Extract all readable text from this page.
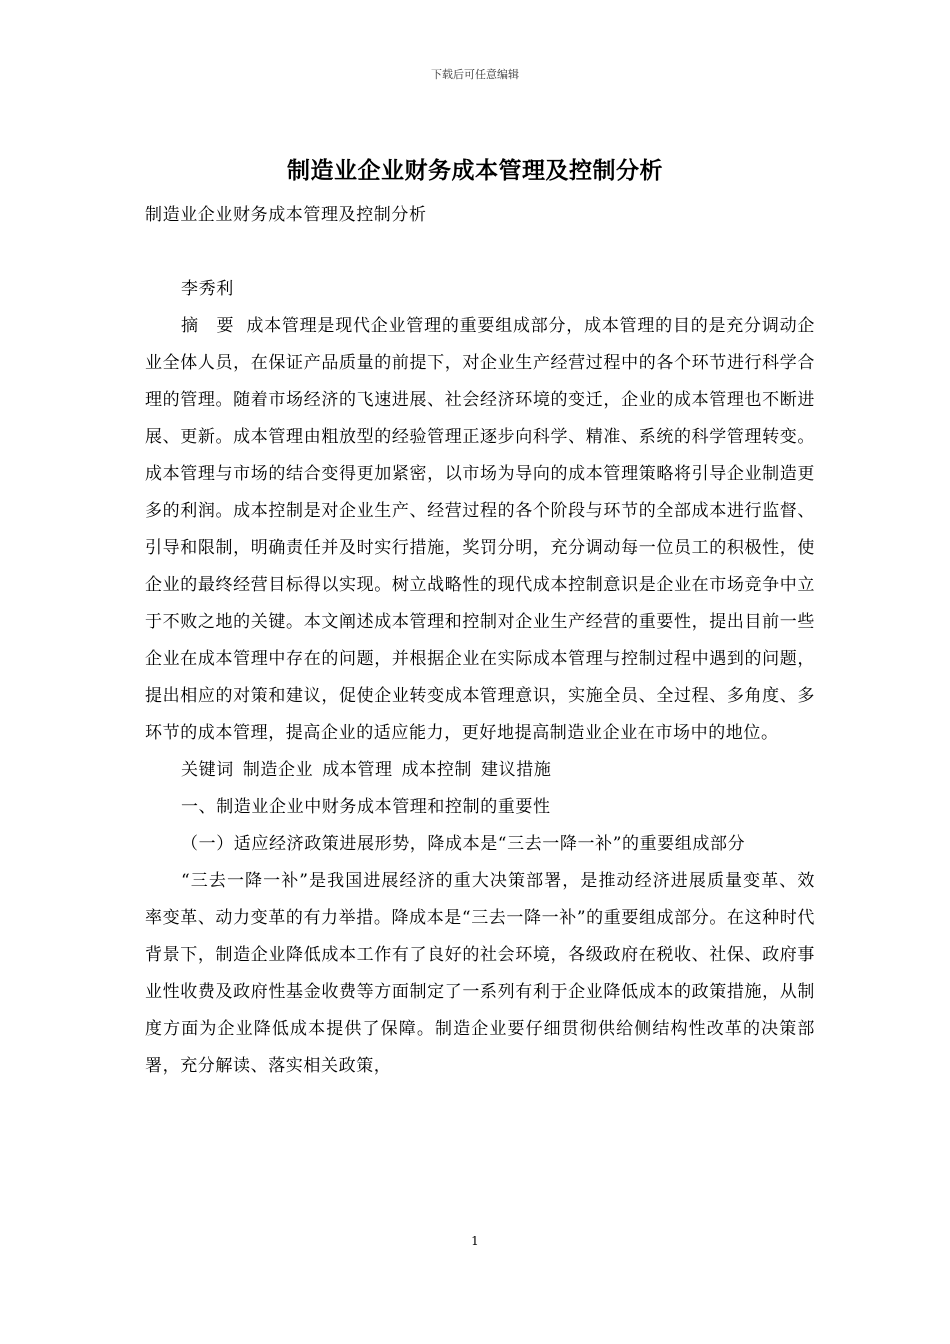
下载后可任意编辑
制造业企业财务成本管理及控制分析

制造业企业财务成本管理及控制分析

李秀利

摘　要 成本管理是现代企业管理的重要组成部分，成本管理的目的是充分调动企业全体人员，在保证产品质量的前提下，对企业生产经营过程中的各个环节进行科学合理的管理。随着市场经济的飞速进展、社会经济环境的变迁，企业的成本管理也不断进展、更新。成本管理由粗放型的经验管理正逐步向科学、精准、系统的科学管理转变。成本管理与市场的结合变得更加紧密，以市场为导向的成本管理策略将引导企业制造更多的利润。成本控制是对企业生产、经营过程的各个阶段与环节的全部成本进行监督、引导和限制，明确责任并及时实行措施，奖罚分明，充分调动每一位员工的积极性，使企业的最终经营目标得以实现。树立战略性的现代成本控制意识是企业在市场竞争中立于不败之地的关键。本文阐述成本管理和控制对企业生产经营的重要性，提出目前一些企业在成本管理中存在的问题，并根据企业在实际成本管理与控制过程中遇到的问题，提出相应的对策和建议，促使企业转变成本管理意识，实施全员、全过程、多角度、多环节的成本管理，提高企业的适应能力，更好地提高制造业企业在市场中的地位。

关键词 制造企业 成本管理 成本控制 建议措施

一、制造业企业中财务成本管理和控制的重要性

（一）适应经济政策进展形势，降成本是“三去一降一补”的重要组成部分

“三去一降一补”是我国进展经济的重大决策部署，是推动经济进展质量变革、效率变革、动力变革的有力举措。降成本是“三去一降一补”的重要组成部分。在这种时代背景下，制造企业降低成本工作有了良好的社会环境，各级政府在税收、社保、政府事业性收费及政府性基金收费等方面制定了一系列有利于企业降低成本的政策措施，从制度方面为企业降低成本提供了保障。制造企业要仔细贯彻供给侧结构性改革的决策部署，充分解读、落实相关政策，

1
